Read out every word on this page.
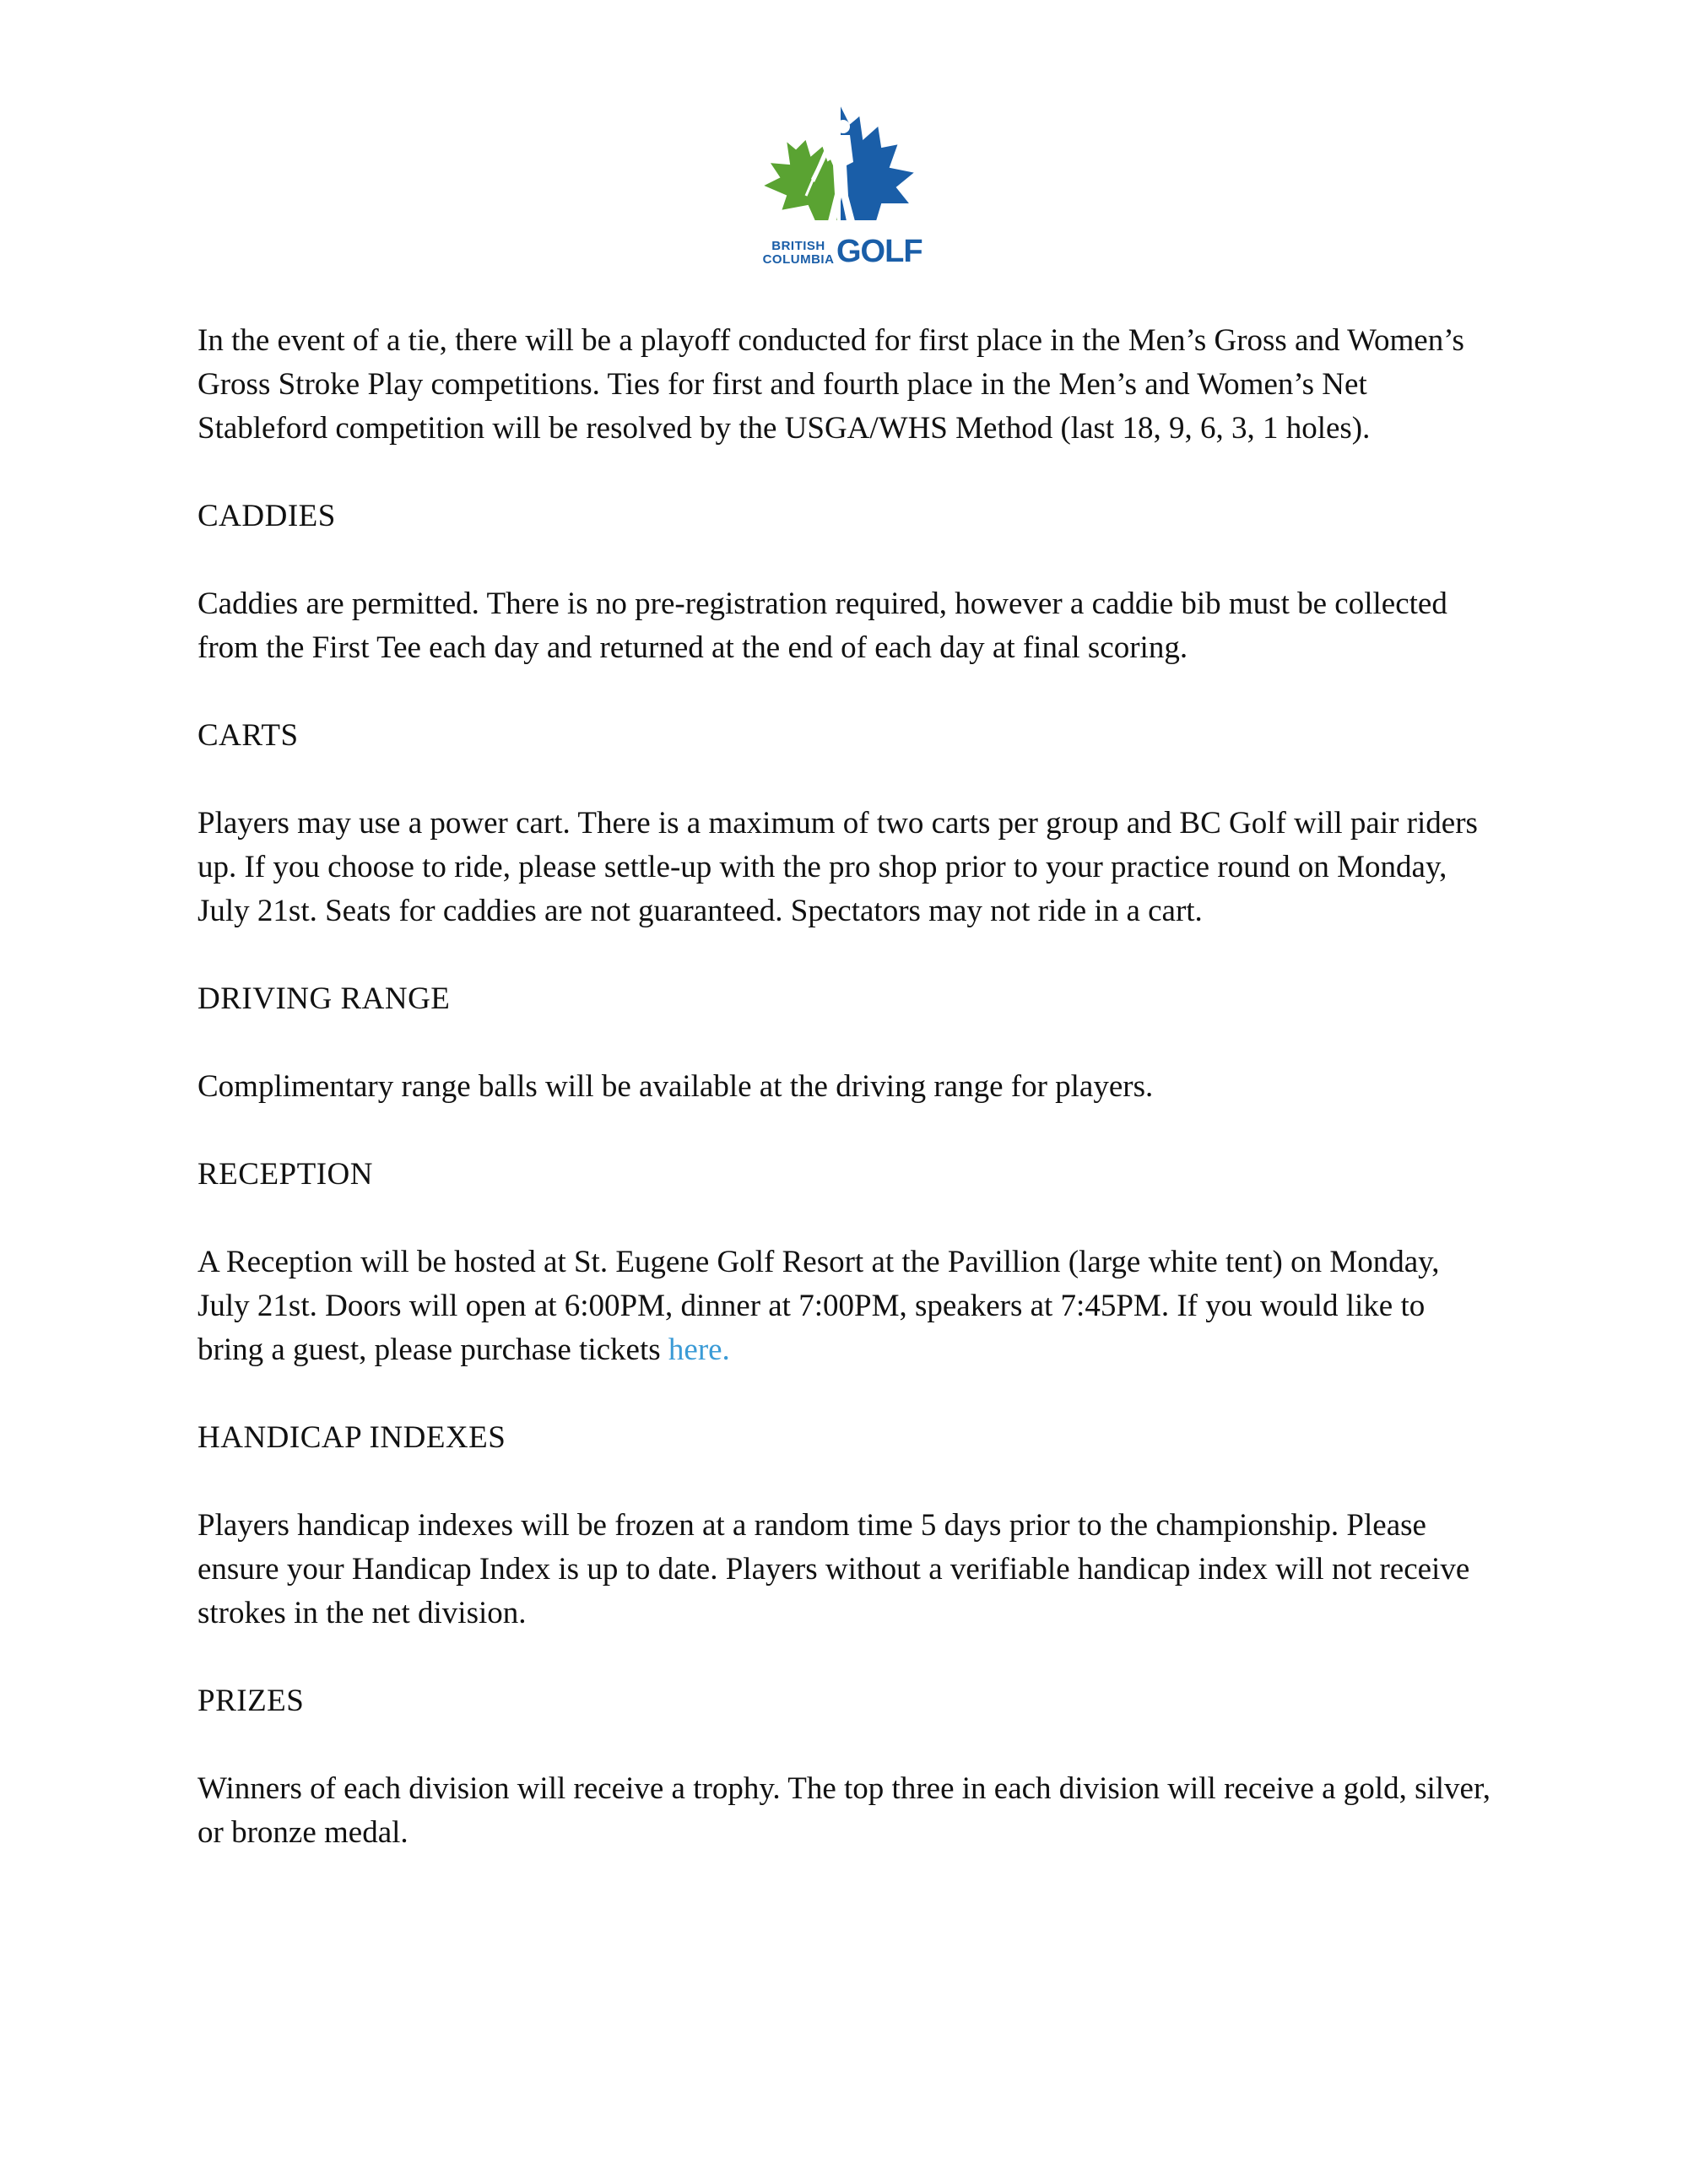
BRITISH
COLUMBIA GOLF

In the event of a tie, there will be a playoff conducted for first place in the Men’s Gross and Women’s Gross Stroke Play competitions. Ties for first and fourth place in the Men’s and Women’s Net Stableford competition will be resolved by the USGA/WHS Method (last 18, 9, 6, 3, 1 holes).

CADDIES

Caddies are permitted. There is no pre-registration required, however a caddie bib must be collected from the First Tee each day and returned at the end of each day at final scoring.

CARTS

Players may use a power cart. There is a maximum of two carts per group and BC Golf will pair riders up. If you choose to ride, please settle-up with the pro shop prior to your practice round on Monday, July 21st. Seats for caddies are not guaranteed. Spectators may not ride in a cart.

DRIVING RANGE

Complimentary range balls will be available at the driving range for players.

RECEPTION

A Reception will be hosted at St. Eugene Golf Resort at the Pavillion (large white tent) on Monday, July 21st. Doors will open at 6:00PM, dinner at 7:00PM, speakers at 7:45PM. If you would like to bring a guest, please purchase tickets here.

HANDICAP INDEXES

Players handicap indexes will be frozen at a random time 5 days prior to the championship. Please ensure your Handicap Index is up to date. Players without a verifiable handicap index will not receive strokes in the net division.

PRIZES

Winners of each division will receive a trophy. The top three in each division will receive a gold, silver, or bronze medal.
